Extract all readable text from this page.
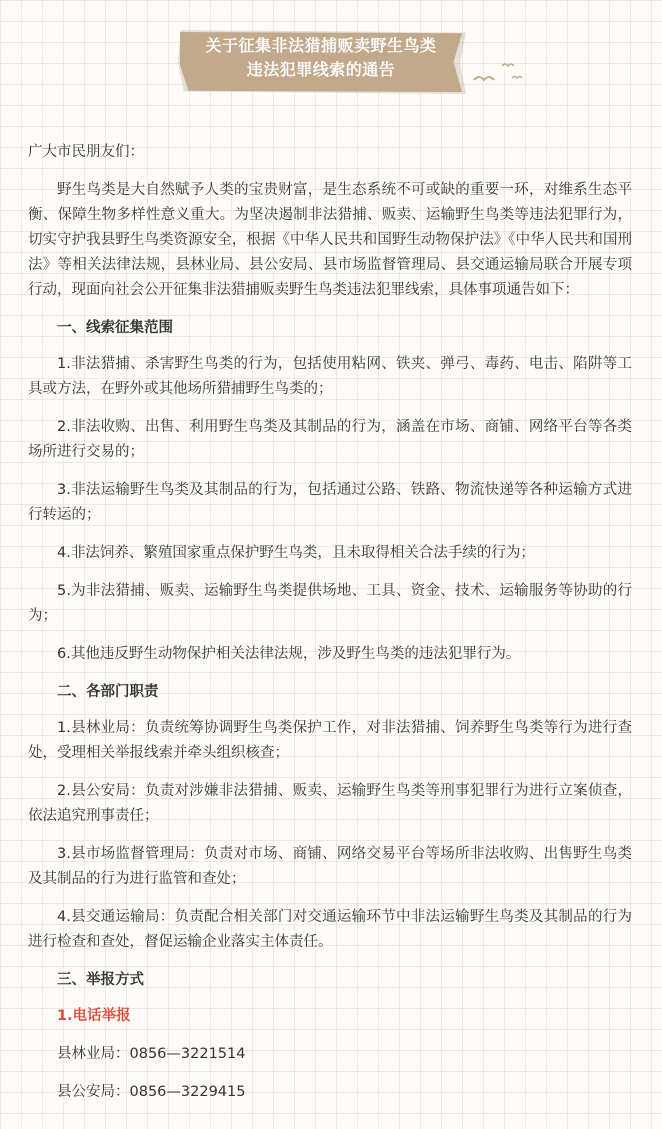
关于征集非法猎捕贩卖野生鸟类
违法犯罪线索的通告

广大市民朋友们：

野生鸟类是大自然赋予人类的宝贵财富，是生态系统不可或缺的重要一环，对维系生态平衡、保障生物多样性意义重大。为坚决遏制非法猎捕、贩卖、运输野生鸟类等违法犯罪行为，切实守护我县野生鸟类资源安全，根据《中华人民共和国野生动物保护法》《中华人民共和国刑法》等相关法律法规，县林业局、县公安局、县市场监督管理局、县交通运输局联合开展专项行动，现面向社会公开征集非法猎捕贩卖野生鸟类违法犯罪线索，具体事项通告如下：

一、线索征集范围

1.非法猎捕、杀害野生鸟类的行为，包括使用粘网、铁夹、弹弓、毒药、电击、陷阱等工具或方法，在野外或其他场所猎捕野生鸟类的；

2.非法收购、出售、利用野生鸟类及其制品的行为，涵盖在市场、商铺、网络平台等各类场所进行交易的；

3.非法运输野生鸟类及其制品的行为，包括通过公路、铁路、物流快递等各种运输方式进行转运的；

4.非法饲养、繁殖国家重点保护野生鸟类，且未取得相关合法手续的行为；

5.为非法猎捕、贩卖、运输野生鸟类提供场地、工具、资金、技术、运输服务等协助的行为；

6.其他违反野生动物保护相关法律法规，涉及野生鸟类的违法犯罪行为。

二、各部门职责

1.县林业局：负责统筹协调野生鸟类保护工作，对非法猎捕、饲养野生鸟类等行为进行查处，受理相关举报线索并牵头组织核查；

2.县公安局：负责对涉嫌非法猎捕、贩卖、运输野生鸟类等刑事犯罪行为进行立案侦查，依法追究刑事责任；

3.县市场监督管理局：负责对市场、商铺、网络交易平台等场所非法收购、出售野生鸟类及其制品的行为进行监管和查处；

4.县交通运输局：负责配合相关部门对交通运输环节中非法运输野生鸟类及其制品的行为进行检查和查处，督促运输企业落实主体责任。

三、举报方式

1.电话举报

县林业局：0856—3221514

县公安局：0856—3229415
